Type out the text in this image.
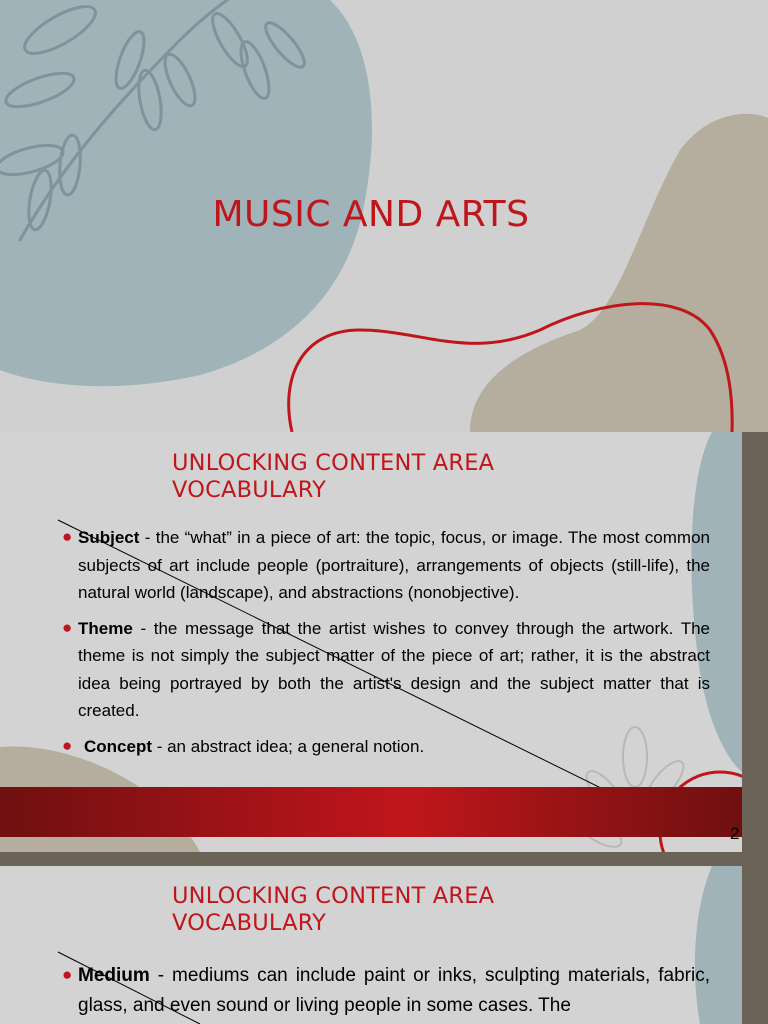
MUSIC AND ARTS
UNLOCKING CONTENT AREA
VOCABULARY
● Subject - the “what” in a piece of art: the topic, focus, or image. The most common subjects of art include people (portraiture), arrangements of objects (still-life), the natural world (landscape), and abstractions (nonobjective).
● Theme - the message that the artist wishes to convey through the artwork. The theme is not simply the subject matter of the piece of art; rather, it is the abstract idea being portrayed by both the artist's design and the subject matter that is created.
● Concept - an abstract idea; a general notion.
2
UNLOCKING CONTENT AREA
VOCABULARY
● Medium - mediums can include paint or inks, sculpting materials, fabric, glass, and even sound or living people in some cases. The
